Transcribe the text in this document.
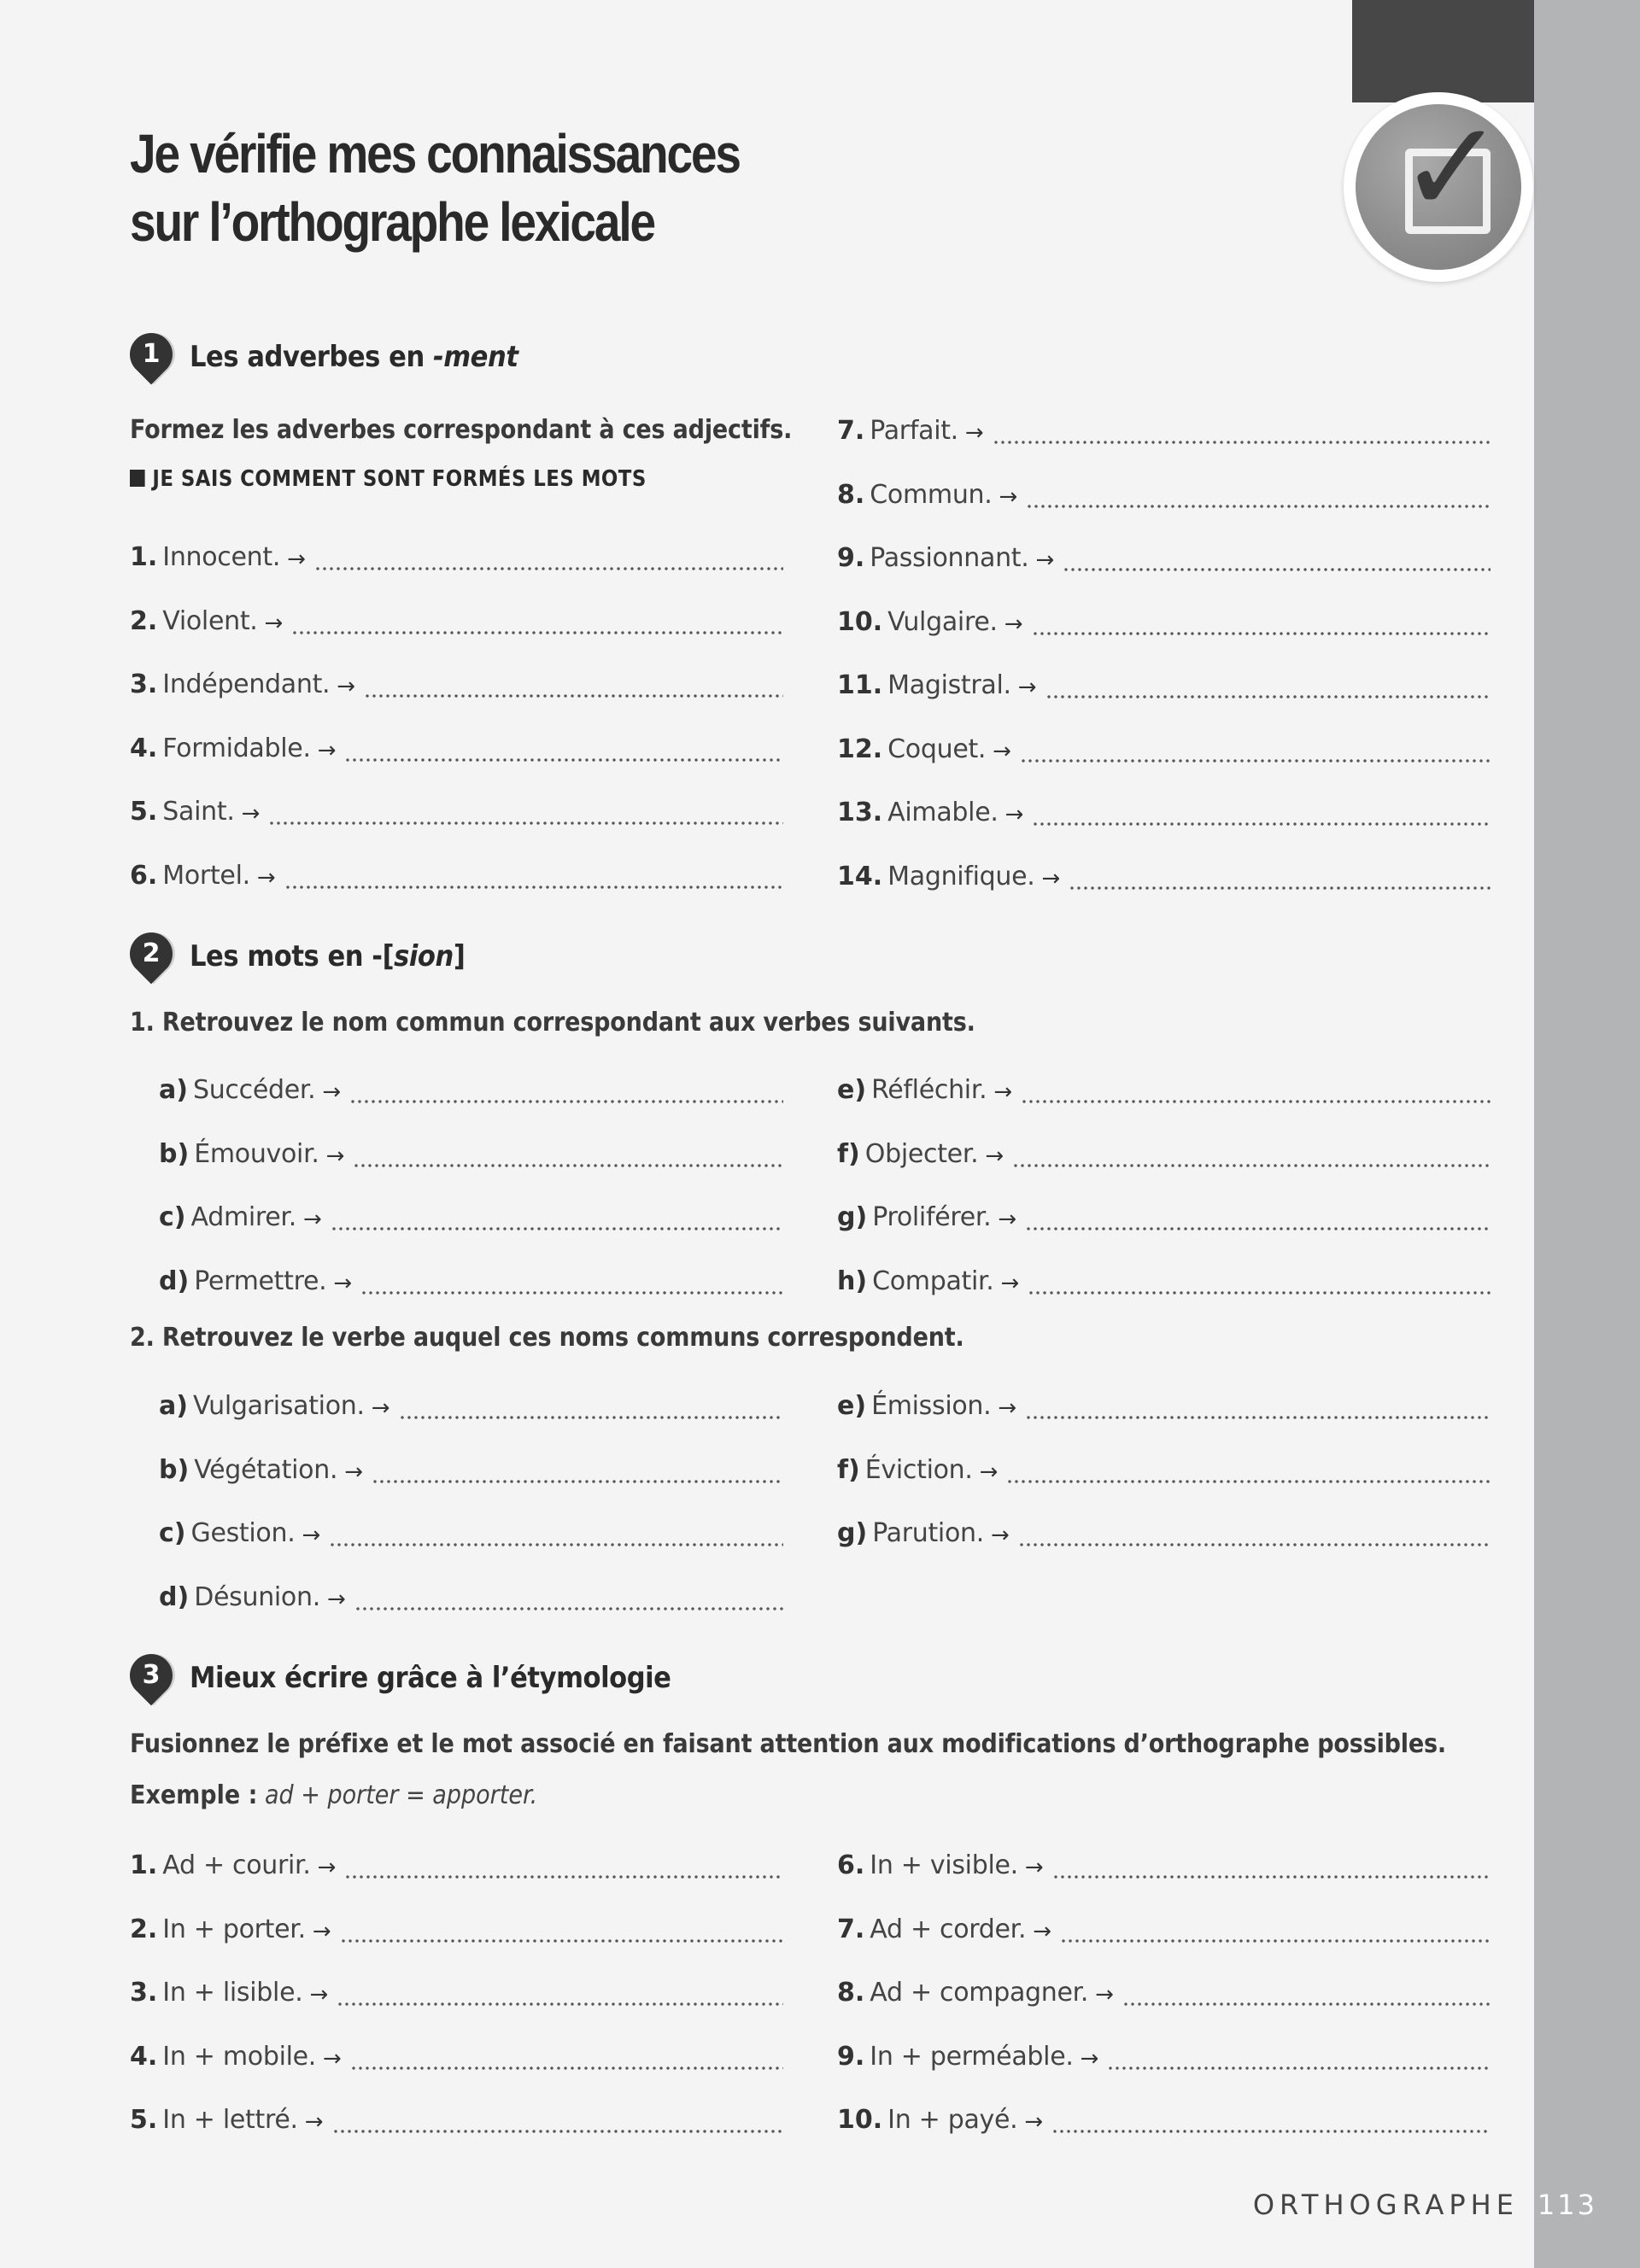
✓
Je vérifie mes connaissances
sur l’orthographe lexicale
1	Les adverbes en -ment
Formez les adverbes correspondant à ces adjectifs.
JE SAIS COMMENT SONT FORMÉS LES MOTS
1. Innocent. →
2. Violent. →
3. Indépendant. →
4. Formidable. →
5. Saint. →
6. Mortel. →
7. Parfait. →
8. Commun. →
9. Passionnant. →
10. Vulgaire. →
11. Magistral. →
12. Coquet. →
13. Aimable. →
14. Magnifique. →
2	Les mots en -[sion]
1. Retrouvez le nom commun correspondant aux verbes suivants.
a) Succéder. →
b) Émouvoir. →
c) Admirer. →
d) Permettre. →
e) Réfléchir. →
f) Objecter. →
g) Proliférer. →
h) Compatir. →
2. Retrouvez le verbe auquel ces noms communs correspondent.
a) Vulgarisation. →
b) Végétation. →
c) Gestion. →
d) Désunion. →
e) Émission. →
f) Éviction. →
g) Parution. →
3	Mieux écrire grâce à l’étymologie
Fusionnez le préfixe et le mot associé en faisant attention aux modifications d’orthographe possibles.
Exemple : ad + porter = apporter.
1. Ad + courir. →
2. In + porter. →
3. In + lisible. →
4. In + mobile. →
5. In + lettré. →
6. In + visible. →
7. Ad + corder. →
8. Ad + compagner. →
9. In + perméable. →
10. In + payé. →
ORTHOGRAPHE 113
